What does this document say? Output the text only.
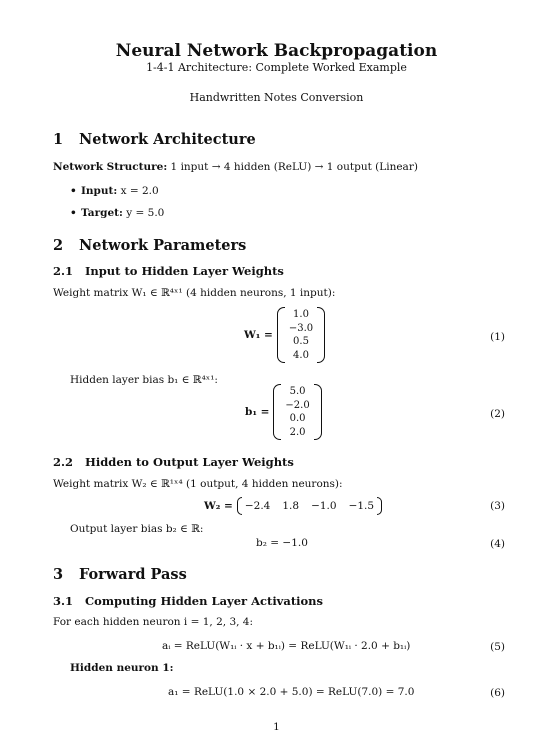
Neural Network Backpropagation
1-4-1 Architecture: Complete Worked Example
Handwritten Notes Conversion
1 Network Architecture
Network Structure: 1 input → 4 hidden (ReLU) → 1 output (Linear)
• Input: x = 2.0
• Target: y = 5.0
2 Network Parameters
2.1 Input to Hidden Layer Weights
Weight matrix W₁ ∈ ℝ⁴ˣ¹ (4 hidden neurons, 1 input):
W₁ =
1.0
−3.0
0.5
4.0
(1)
Hidden layer bias b₁ ∈ ℝ⁴ˣ¹:
b₁ =
5.0
−2.0
0.0
2.0
(2)
2.2 Hidden to Output Layer Weights
Weight matrix W₂ ∈ ℝ¹ˣ⁴ (1 output, 4 hidden neurons):
W₂ = −2.4 1.8 −1.0 −1.5	(3)
Output layer bias b₂ ∈ ℝ:
b₂ = −1.0	(4)
3 Forward Pass
3.1 Computing Hidden Layer Activations
For each hidden neuron i = 1, 2, 3, 4:
aᵢ = ReLU(W₁ᵢ · x + b₁ᵢ) = ReLU(W₁ᵢ · 2.0 + b₁ᵢ)	(5)
Hidden neuron 1:
a₁ = ReLU(1.0 × 2.0 + 5.0) = ReLU(7.0) = 7.0	(6)
1
